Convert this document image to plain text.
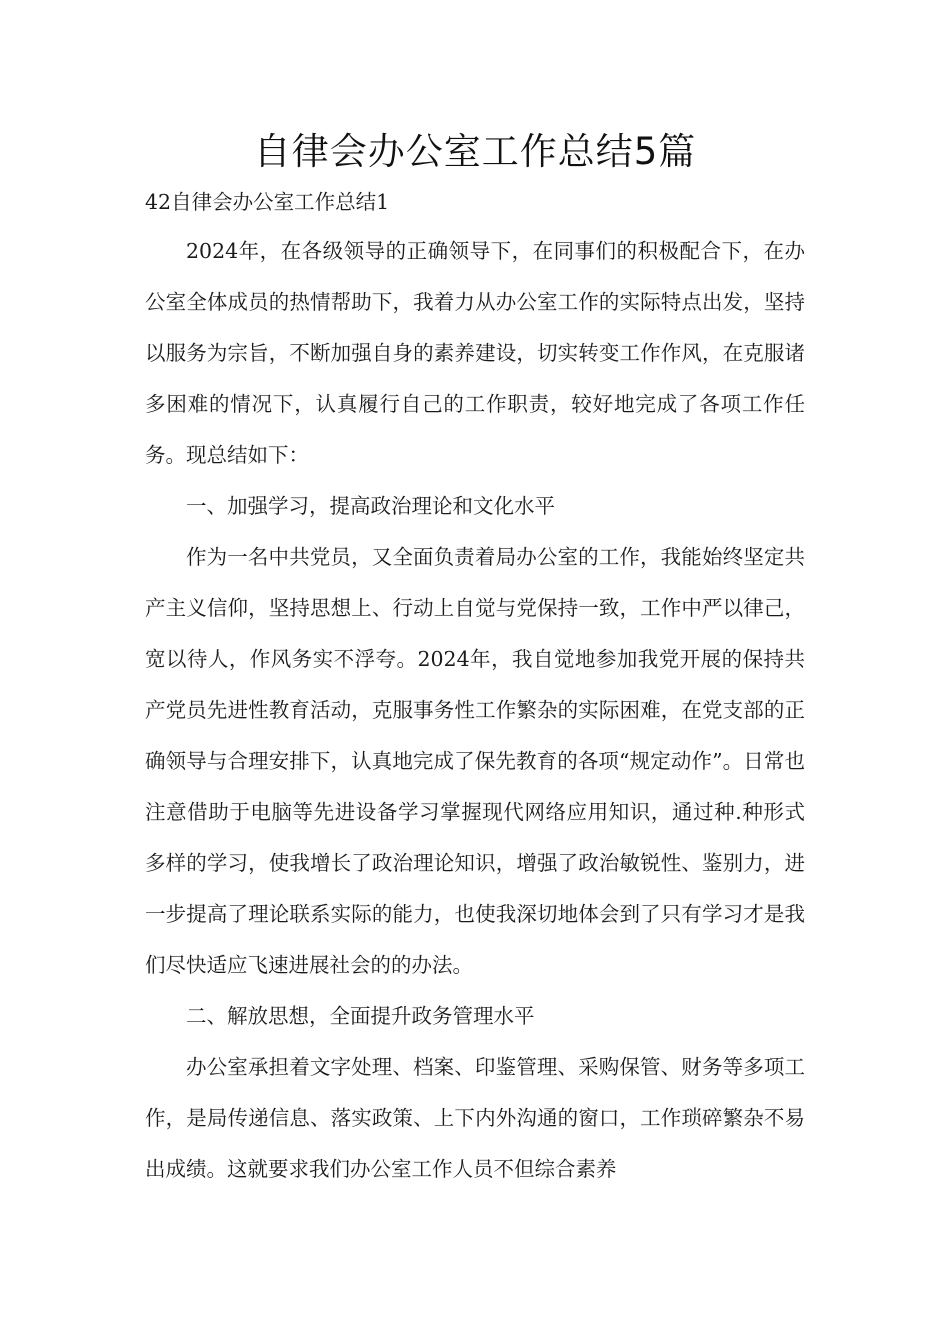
自律会办公室工作总结5篇
42自律会办公室工作总结1

2024年，在各级领导的正确领导下，在同事们的积极配合下，在办公室全体成员的热情帮助下，我着力从办公室工作的实际特点出发，坚持以服务为宗旨，不断加强自身的素养建设，切实转变工作作风，在克服诸多困难的情况下，认真履行自己的工作职责，较好地完成了各项工作任务。现总结如下：

一、加强学习，提高政治理论和文化水平

作为一名中共党员，又全面负责着局办公室的工作，我能始终坚定共产主义信仰，坚持思想上、行动上自觉与党保持一致，工作中严以律己，宽以待人，作风务实不浮夸。2024年，我自觉地参加我党开展的保持共产党员先进性教育活动，克服事务性工作繁杂的实际困难，在党支部的正确领导与合理安排下，认真地完成了保先教育的各项“规定动作”。日常也注意借助于电脑等先进设备学习掌握现代网络应用知识，通过种.种形式多样的学习，使我增长了政治理论知识，增强了政治敏锐性、鉴别力，进一步提高了理论联系实际的能力，也使我深切地体会到了只有学习才是我们尽快适应飞速进展社会的的办法。

二、解放思想，全面提升政务管理水平

办公室承担着文字处理、档案、印鉴管理、采购保管、财务等多项工作，是局传递信息、落实政策、上下内外沟通的窗口，工作琐碎繁杂不易出成绩。这就要求我们办公室工作人员不但综合素养
